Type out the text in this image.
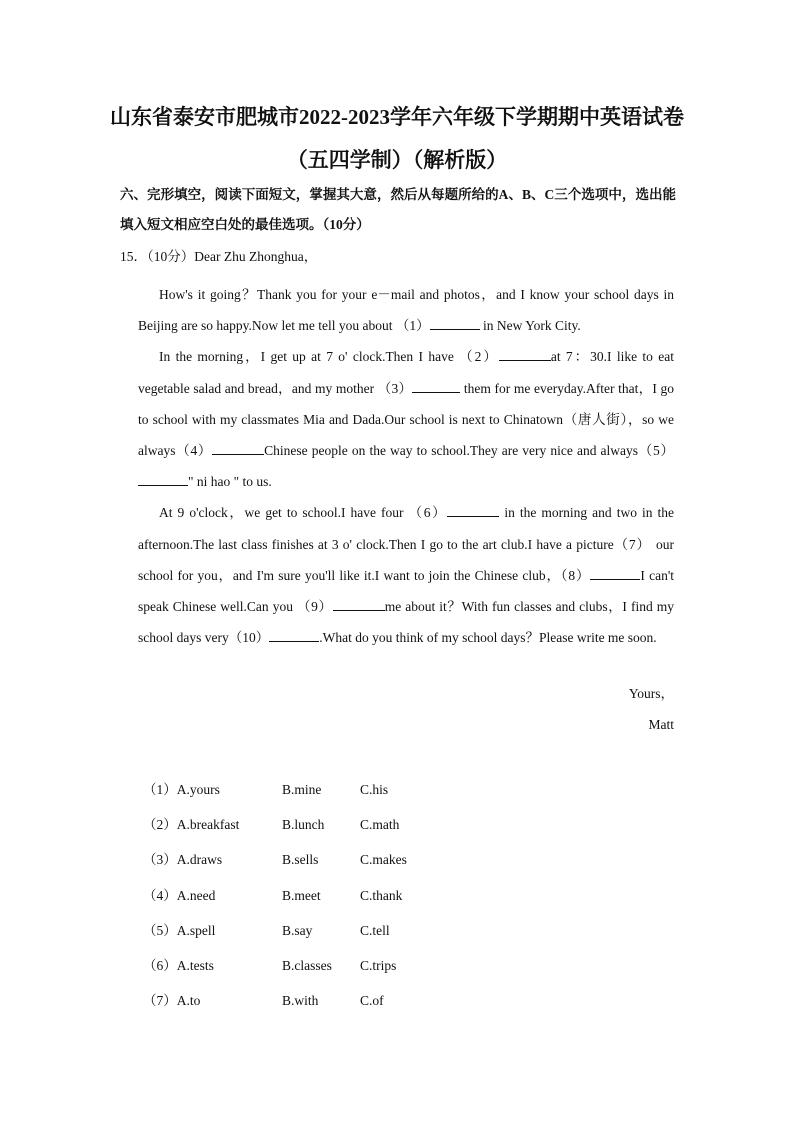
山东省泰安市肥城市2022-2023学年六年级下学期期中英语试卷
（五四学制）（解析版）
六、完形填空，阅读下面短文，掌握其大意，然后从每题所给的A、B、C三个选项中，选出能填入短文相应空白处的最佳选项。（10分）
15．（10分）Dear Zhu Zhonghua，

How's it going？Thank you for your e－mail and photos，and I know your school days in Beijing are so happy.Now let me tell you about （1）	in New York City.

In the morning，I get up at 7 o' clock.Then I have （2）	at 7：30.I like to eat vegetable salad and bread，and my mother （3）	them for me everyday.After that，I go to school with my classmates Mia and Dada.Our school is next to Chinatown（唐人街），so we always（4）	Chinese people on the way to school.They are very nice and always（5）" ni hao " to us.

At 9 o'clock，we get to school.I have four （6）	in the morning and two in the afternoon.The last class finishes at 3 o' clock.Then I go to the art club.I have a picture（7） our school for you，and I'm sure you'll like it.I want to join the Chinese club，（8）	I can't speak Chinese well.Can you （9）	me about it？With fun classes and clubs，I find my school days very（10）	.What do you think of my school days？Please write me soon.

Yours，
Matt
（1）A.yours	B.mine	C.his
（2）A.breakfast	B.lunch	C.math
（3）A.draws	B.sells	C.makes
（4）A.need	B.meet	C.thank
（5）A.spell	B.say	C.tell
（6）A.tests	B.classes C.trips
（7）A.to	B.with	C.of
